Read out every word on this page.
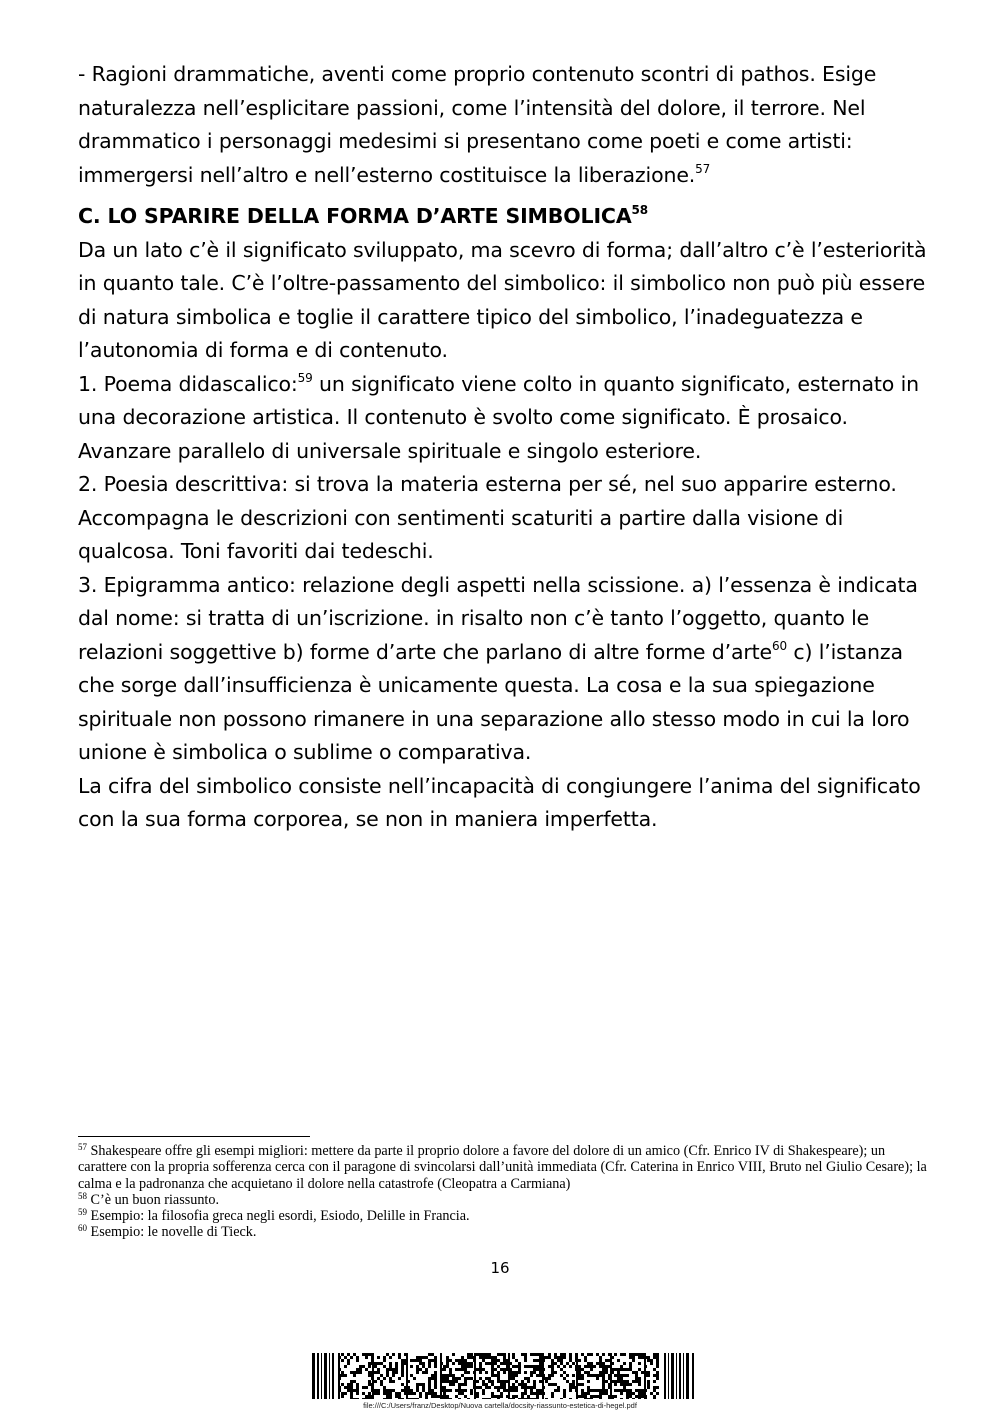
- Ragioni drammatiche, aventi come proprio contenuto scontri di pathos. Esige naturalezza nell’esplicitare passioni, come l’intensità del dolore, il terrore. Nel drammatico i personaggi medesimi si presentano come poeti e come artisti: immergersi nell’altro e nell’esterno costituisce la liberazione.$^{57}$

C. LO SPARIRE DELLA FORMA D’ARTE SIMBOLICA$^{58}$

Da un lato c’è il significato sviluppato, ma scevro di forma; dall’altro c’è l’esteriorità in quanto tale. C’è l’oltre-passamento del simbolico: il simbolico non può più essere di natura simbolica e toglie il carattere tipico del simbolico, l’inadeguatezza e l’autonomia di forma e di contenuto.

1. Poema didascalico:$^{59}$ un significato viene colto in quanto significato, esternato in una decorazione artistica. Il contenuto è svolto come significato. È prosaico. Avanzare parallelo di universale spirituale e singolo esteriore.

2. Poesia descrittiva: si trova la materia esterna per sé, nel suo apparire esterno. Accompagna le descrizioni con sentimenti scaturiti a partire dalla visione di qualcosa. Toni favoriti dai tedeschi.

3. Epigramma antico: relazione degli aspetti nella scissione. a) l’essenza è indicata dal nome: si tratta di un’iscrizione. in risalto non c’è tanto l’oggetto, quanto le relazioni soggettive b) forme d’arte che parlano di altre forme d’arte$^{60}$ c) l’istanza che sorge dall’insufficienza è unicamente questa. La cosa e la sua spiegazione spirituale non possono rimanere in una separazione allo stesso modo in cui la loro unione è simbolica o sublime o comparativa.

La cifra del simbolico consiste nell’incapacità di congiungere l’anima del significato con la sua forma corporea, se non in maniera imperfetta.

$^{57}$ Shakespeare offre gli esempi migliori: mettere da parte il proprio dolore a favore del dolore di un amico (Cfr. Enrico IV di Shakespeare); un carattere con la propria sofferenza cerca con il paragone di svincolarsi dall’unità immediata (Cfr. Caterina in Enrico VIII, Bruto nel Giulio Cesare); la calma e la padronanza che acquietano il dolore nella catastrofe (Cleopatra a Carmiana)

$^{58}$ C’è un buon riassunto.

$^{59}$ Esempio: la filosofia greca negli esordi, Esiodo, Delille in Francia.

$^{60}$ Esempio: le novelle di Tieck.

16
file:///C:/Users/franz/Desktop/Nuova cartella/docsity-riassunto-estetica-di-hegel.pdf
